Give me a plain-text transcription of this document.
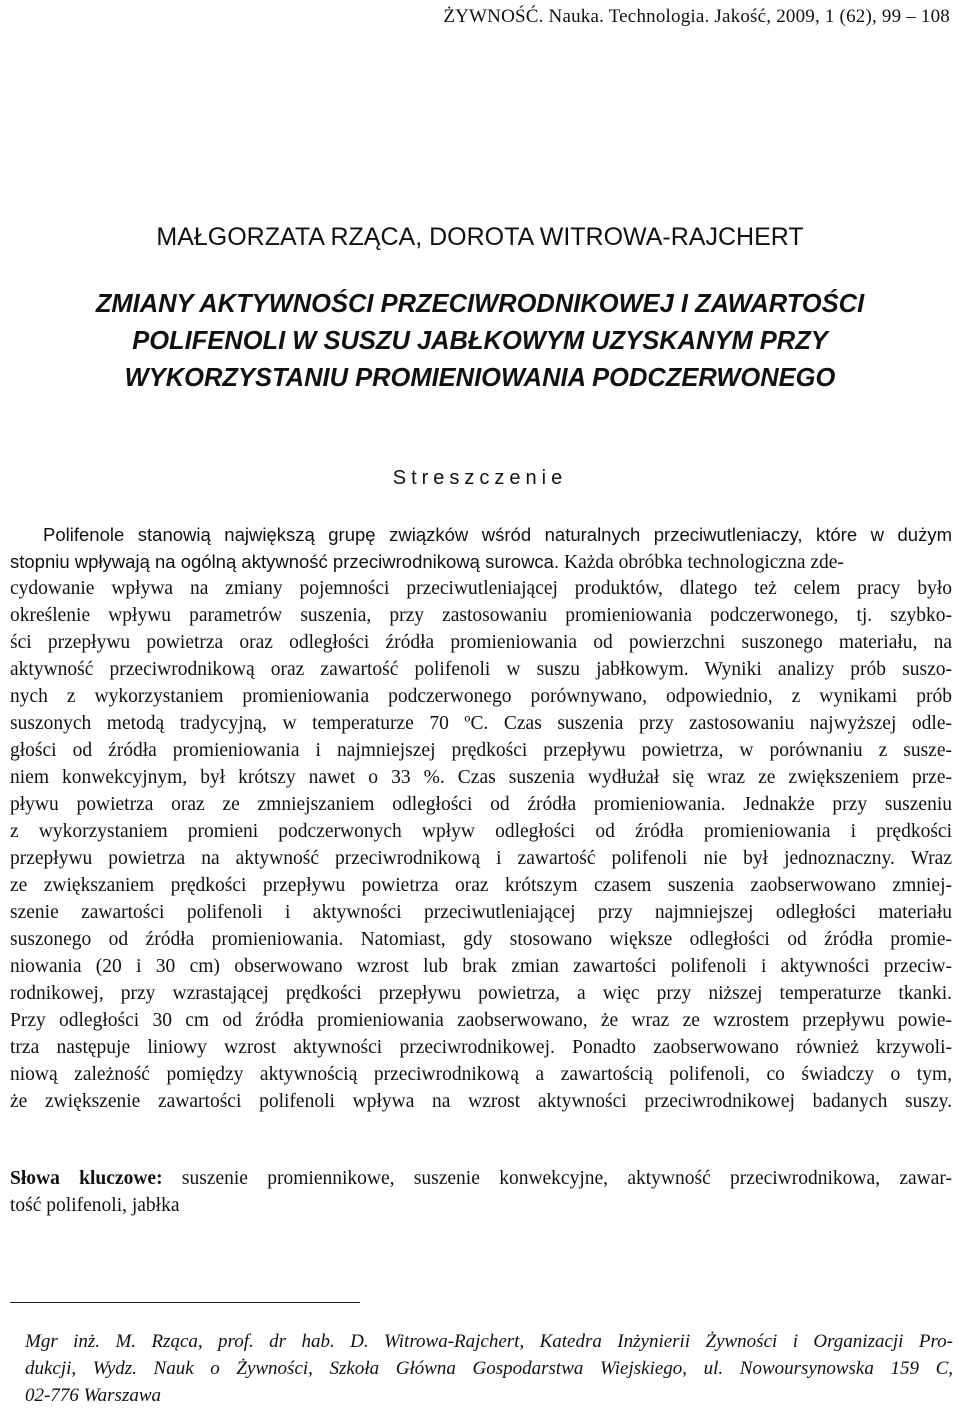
ŻYWNOŚĆ. Nauka. Technologia. Jakość, 2009, 1 (62), 99 – 108
MAŁGORZATA RZĄCA, DOROTA WITROWA-RAJCHERT
ZMIANY AKTYWNOŚCI PRZECIWRODNIKOWEJ I ZAWARTOŚCI
POLIFENOLI W SUSZU JABŁKOWYM UZYSKANYM PRZY
WYKORZYSTANIU PROMIENIOWANIA PODCZERWONEGO
Streszczenie
Polifenole stanowią największą grupę związków wśród naturalnych przeciwutleniaczy, które w dużym
stopniu wpływają na ogólną aktywność przeciwrodnikową surowca. Każda obróbka technologiczna zde-
cydowanie wpływa na zmiany pojemności przeciwutleniającej produktów, dlatego też celem pracy było
określenie wpływu parametrów suszenia, przy zastosowaniu promieniowania podczerwonego, tj. szybko-
ści przepływu powietrza oraz odległości źródła promieniowania od powierzchni suszonego materiału, na
aktywność przeciwrodnikową oraz zawartość polifenoli w suszu jabłkowym. Wyniki analizy prób suszo-
nych z wykorzystaniem promieniowania podczerwonego porównywano, odpowiednio, z wynikami prób
suszonych metodą tradycyjną, w temperaturze 70 ºC. Czas suszenia przy zastosowaniu najwyższej odle-
głości od źródła promieniowania i najmniejszej prędkości przepływu powietrza, w porównaniu z susze-
niem konwekcyjnym, był krótszy nawet o 33 %. Czas suszenia wydłużał się wraz ze zwiększeniem prze-
pływu powietrza oraz ze zmniejszaniem odległości od źródła promieniowania. Jednakże przy suszeniu
z wykorzystaniem promieni podczerwonych wpływ odległości od źródła promieniowania i prędkości
przepływu powietrza na aktywność przeciwrodnikową i zawartość polifenoli nie był jednoznaczny. Wraz
ze zwiększaniem prędkości przepływu powietrza oraz krótszym czasem suszenia zaobserwowano zmniej-
szenie zawartości polifenoli i aktywności przeciwutleniającej przy najmniejszej odległości materiału
suszonego od źródła promieniowania. Natomiast, gdy stosowano większe odległości od źródła promie-
niowania (20 i 30 cm) obserwowano wzrost lub brak zmian zawartości polifenoli i aktywności przeciw-
rodnikowej, przy wzrastającej prędkości przepływu powietrza, a więc przy niższej temperaturze tkanki.
Przy odległości 30 cm od źródła promieniowania zaobserwowano, że wraz ze wzrostem przepływu powie-
trza następuje liniowy wzrost aktywności przeciwrodnikowej. Ponadto zaobserwowano również krzywoli-
niową zależność pomiędzy aktywnością przeciwrodnikową a zawartością polifenoli, co świadczy o tym,
że zwiększenie zawartości polifenoli wpływa na wzrost aktywności przeciwrodnikowej badanych suszy.
Słowa kluczowe: suszenie promiennikowe, suszenie konwekcyjne, aktywność przeciwrodnikowa, zawar-
tość polifenoli, jabłka
Mgr inż. M. Rząca, prof. dr hab. D. Witrowa-Rajchert, Katedra Inżynierii Żywności i Organizacji Pro-
dukcji, Wydz. Nauk o Żywności, Szkoła Główna Gospodarstwa Wiejskiego, ul. Nowoursynowska 159 C,
02-776 Warszawa
